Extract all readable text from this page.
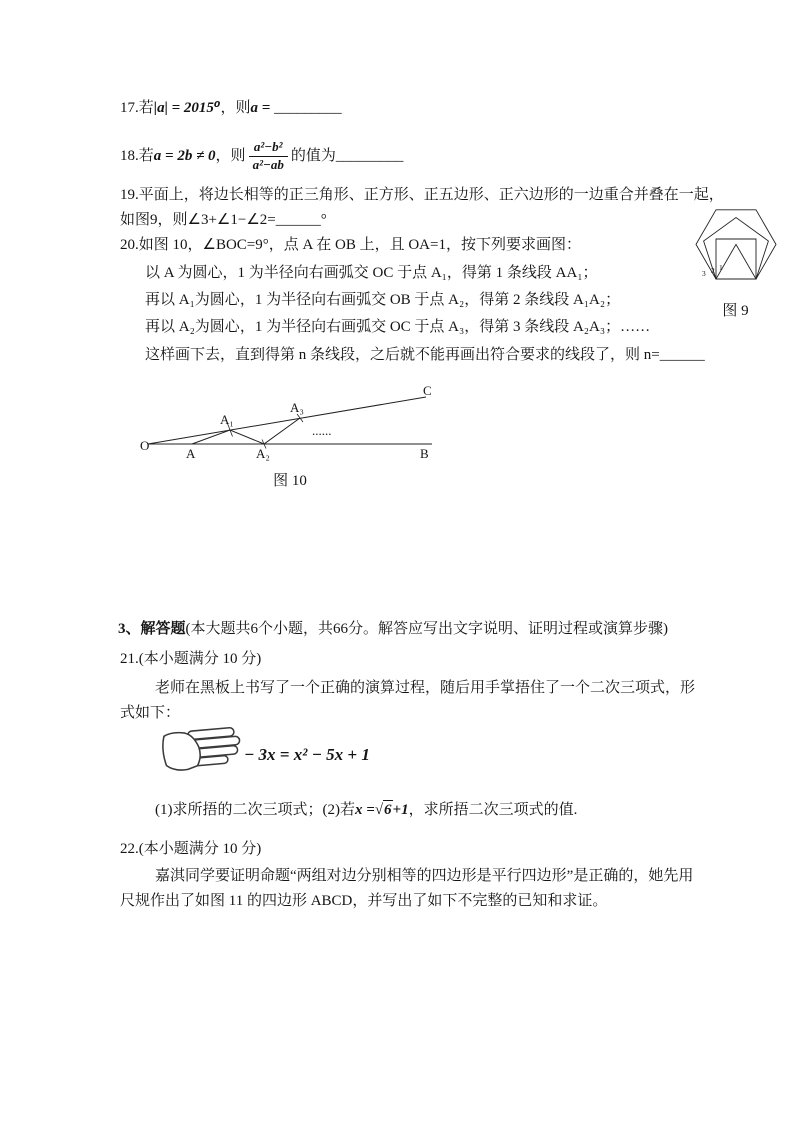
17.若|a| = 2015⁰，则a = _________
18. 若 a = 2b ≠ 0 ，则 $\frac{\text{a²−b²}}{\text{a²−ab}}$ 的值为 _________
19.平面上，将边长相等的正三角形、正方形、正五边形、正六边形的一边重合并叠在一起，
如图9，则∠3+∠1−∠2=______°
1
2
3
图 9
20.如图 10，∠BOC=9°，点 A 在 OB 上，且 OA=1，按下列要求画图：
以 A 为圆心，1 为半径向右画弧交 OC 于点 A₁，得第 1 条线段 AA₁；
再以 A₁为圆心，1 为半径向右画弧交 OB 于点 A₂，得第 2 条线段 A₁A₂；
再以 A₂为圆心，1 为半径向右画弧交 OC 于点 A₃，得第 3 条线段 A₂A₃；……
这样画下去，直到得第 n 条线段，之后就不能再画出符合要求的线段了，则 n=______
O
A
A₁
A₂
A₃
B
C
......
图 10
3、解答题(本大题共6个小题，共66分。解答应写出文字说明、证明过程或演算步骤)
21.(本小题满分 10 分)
老师在黑板上书写了一个正确的演算过程，随后用手掌捂住了一个二次三项式，形
式如下：
− 3x = x² − 5x + 1
(1)求所捂的二次三项式；(2)若 x = √ 6 +1 ，求所捂二次三项式的值.
22.(本小题满分 10 分)
嘉淇同学要证明命题“两组对边分别相等的四边形是平行四边形”是正确的，她先用
尺规作出了如图 11 的四边形 ABCD，并写出了如下不完整的已知和求证。
